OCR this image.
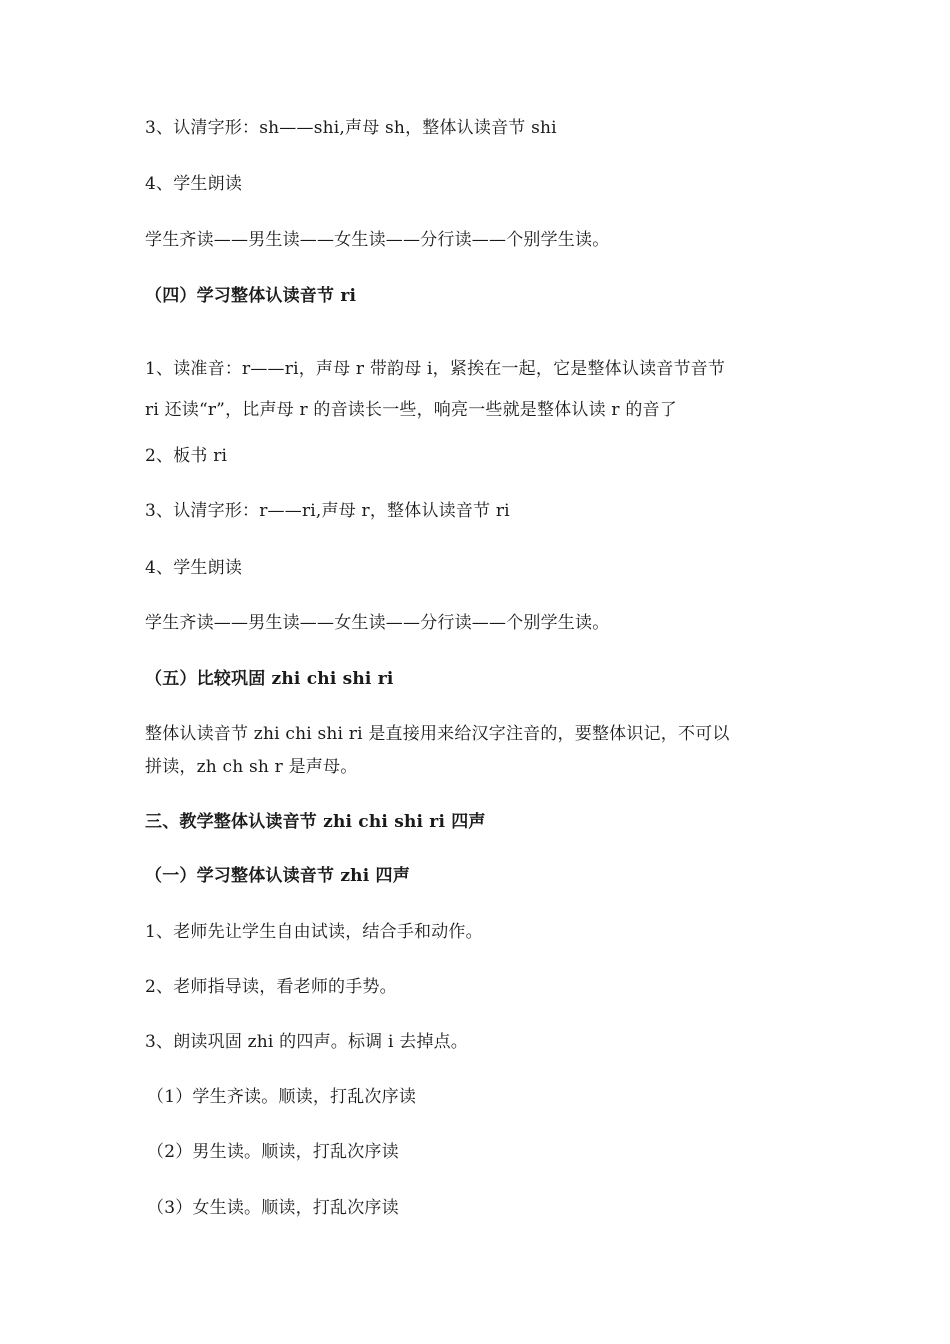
3、认清字形：sh——shi,声母 sh，整体认读音节 shi
4、学生朗读
学生齐读——男生读——女生读——分行读——个别学生读。
（四）学习整体认读音节 ri
1、读准音：r——ri，声母 r 带韵母 i，紧挨在一起，它是整体认读音节音节
ri 还读“r”，比声母 r 的音读长一些，响亮一些就是整体认读 r 的音了
2、板书 ri
3、认清字形：r——ri,声母 r，整体认读音节 ri
4、学生朗读
学生齐读——男生读——女生读——分行读——个别学生读。
（五）比较巩固 zhi chi shi ri
整体认读音节 zhi chi shi ri 是直接用来给汉字注音的，要整体识记，不可以
拼读，zh ch sh r 是声母。
三、教学整体认读音节 zhi chi shi ri 四声
（一）学习整体认读音节 zhi 四声
1、老师先让学生自由试读，结合手和动作。
2、老师指导读，看老师的手势。
3、朗读巩固 zhi 的四声。标调 i 去掉点。
（1）学生齐读。顺读，打乱次序读
（2）男生读。顺读，打乱次序读
（3）女生读。顺读，打乱次序读
